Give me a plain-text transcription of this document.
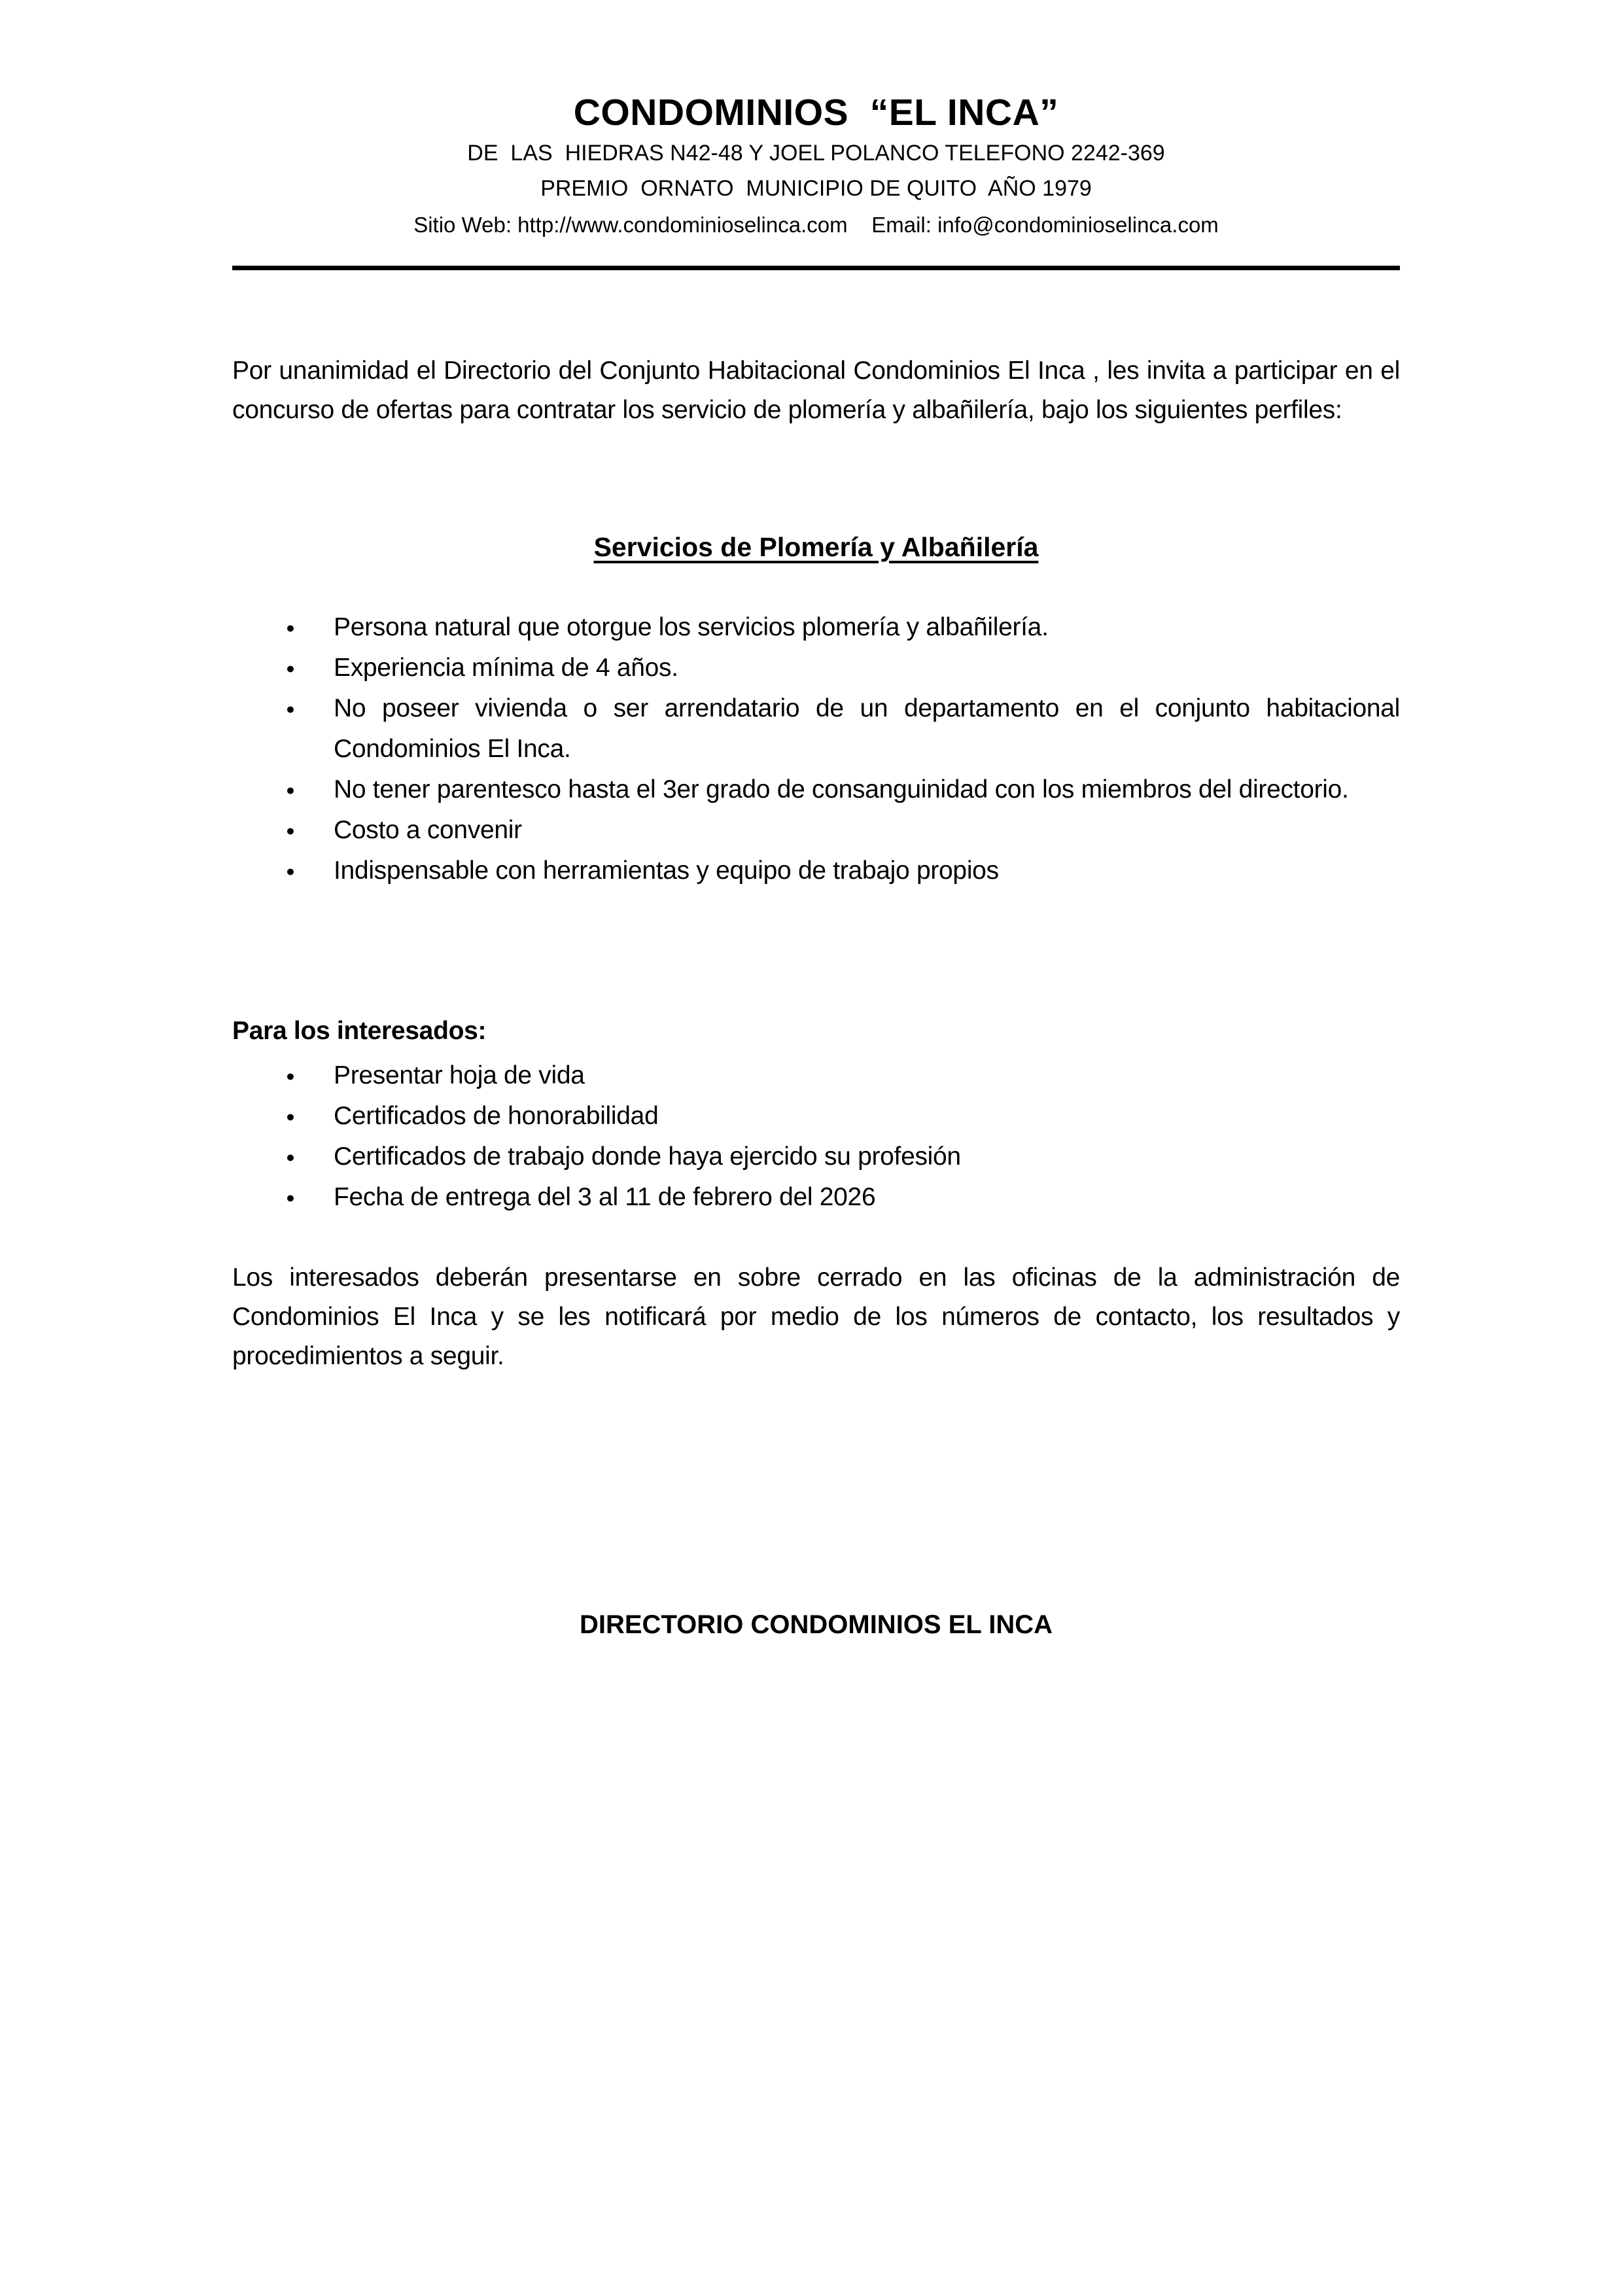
CONDOMINIOS  “EL INCA”
DE  LAS  HIEDRAS N42-48 Y JOEL POLANCO TELEFONO 2242-369
PREMIO  ORNATO  MUNICIPIO DE QUITO  AÑO 1979
Sitio Web: http://www.condominioselinca.com    Email: info@condominioselinca.com

Por unanimidad el Directorio del Conjunto Habitacional Condominios El Inca , les invita a participar en el concurso de ofertas para contratar los servicio de plomería y albañilería, bajo los siguientes perfiles:

Servicios de Plomería y Albañilería
● Persona natural que otorgue los servicios plomería y albañilería.
● Experiencia mínima de 4 años.
● No poseer vivienda o ser arrendatario de un departamento en el conjunto habitacional Condominios El Inca.
● No tener parentesco hasta el 3er grado de consanguinidad con los miembros del directorio.
● Costo a convenir
● Indispensable con herramientas y equipo de trabajo propios

Para los interesados:

● Presentar hoja de vida
● Certificados de honorabilidad
● Certificados de trabajo donde haya ejercido su profesión
● Fecha de entrega del 3 al 11 de febrero del 2026

Los interesados deberán presentarse en sobre cerrado en las oficinas de la administración de Condominios El Inca y se les notificará por medio de los números de contacto, los resultados y procedimientos a seguir.

DIRECTORIO CONDOMINIOS EL INCA
